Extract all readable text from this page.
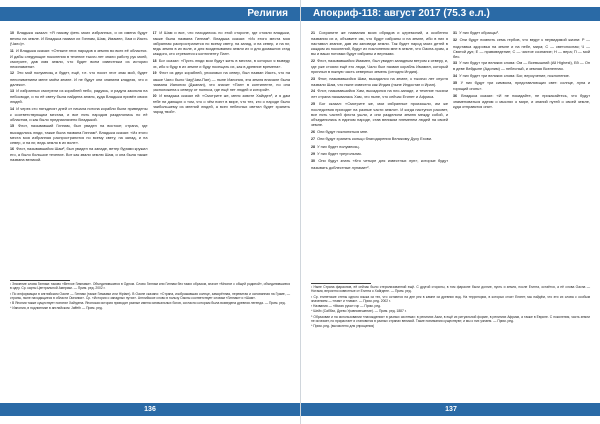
Религия

10 Владыка сказал: «Я назову феть моих избранных, и их имена будут вечны на земле. И Владыка назвал их Гиппам, Шам, Имамел, Хам и Иасть (Чало)».

11 И Владыка сказал: «Отныне этих народов я землю во всех её областях. И дабы следующие поколения в течение тысяч лет знали работу рук моей, смотрите, дав имя земли, что будет всем известным из истории пеоинамена».

12 Это мой полумесяц и будет, ещё, т.е. что носят этот знак мой, будет непонимением мене моём земле. И не будут они знанием кладезя, что и далеко».

13 И избранных смотрели из кораблей небо, радуясь, и радуга засияла на небосводе, и по её свету была найдена земля, куда Владыка привёл своих людей.

14 И через сто пятьдесят дней от начала потопа корабли были приведены к соответствующим местам, и все пять народов разделились по её областям, и как было предназначено Владыкой.

15 Флот, называвший Гиппам, был увиден на востоке; страна, где высадились люди, также была названа Гиппам¹. Владыка сказал: «Из этого места моя избранная распространится по всему свету, на запад, и на север, и на юг, ведь земля в их воле».

16 Флот, называвшийся Шам², был увиден на западе, ветер бурями кружил его, а было большое течение. Вот как звали землю Шам, и она была также названа великой.

17 И Шам и все, что находилось по этой стороне, где стояли владыки, также была названа Гиппам¹. Владыка сказал: «Из этого места моя избранная распространится по всему свету, на запад, и на север, и на юг, ведь земля в их воле, и для возделывания земли их и для домашних стад каждого, кто стремится к континенту Пан».

18 Бог сказал: «Пусть люди мои будут жить в местах, в которых я выведу их, ибо я буду в их земле и буду посещать их, как в древние времена».

19 Флот из двух кораблей, уносимых на север, был назван Иасть, что на языке Чало было Чау(Чам-Пан) — ныне Иапония, эта земля вначале была названа Иапония (Джапан), что значит «Пан» в континенте, но она расположена к северу от полюса, где ещё нет людей и которой».

20 И владыка сказал ей: «Смотрите же, меня зовите Хайгден³, и я дам тебе ни дающих о том, что о чём поют в мире, что тех, кто о народе было наибольшему из мнений людей, а всех небесных светил будет хранить народ твой».

¹ Значение слова Гиппам: таково «Ветхое Гимнами». Объединившиеся в Одном. Слово Гиппам или Гиппам без таких образом, значит «Многие с общей родиной», объединившиеся в одну. Ср. карты Центральной Америки. — Прим. ред. 2002 г.

² По информации в английском Оаспе — Гиппам (также Гимаами или Hiptam). В Оаспе сказано: «Страна, изображавшая солнце, заморённая, перевитая и основанная на Гуаме, — страны, ныне находящиеся в области Океании». Ср. «История о западных путях». Английское слово в пользу Оаспы соответствует словам «Гиппам» и «Шам».

³ В Японии также существует понятие Хайгдена. Японская история приводит разные имена изначальных богов, согласно которым была возведена древняя легенда. — Прим. ред.

⁴ Иапония, в подлиннике в английском: Jaffeth — Прим. ред.

136
Апокриф-118: август 2017 (75.3 е.л.)

21 Сохраните же названия моих обрядов и церемоний, а особенно названия их и, объявите им, что будут избраны и на земле, ибо в них я наставил знание, дав им заповеди земли. Так будет народ моих детей в каждом из поколений, будут их поклонения мне в земле, что Оаспа-храм, а вы и ваши потомки будут избраны и верными.

22 Флот, называвшийся Имамел, был увиден западным ветром к северу, и, где уже стояли ещё его люди, Чало был назван корабль Имамел, который приплыл в южную часть северных земель (сегодня Индия).

23 Флот, называвшийся Шам, высадился на земле, к тысячи лет спустя назвали Шам, что ныне известно как Индия (ныне Индостан и Иран).

24 Флот, называвшийся Хам, высадился на юго-западе, и течение тысячи лет страна называлась Хам, что ныне, что сейчас Египет и Африка.

25 Бог сказал: «Смотрите же, мои избранные произошли, им же последствия приходят на разные части земли». И когда наступил рассвет, все пять частей флота ушли, и они разделили землю между собой, и объединились в едином народе, став великим племенем людей на своей земле.

26 Они будут поклоняться мне.

27 Они будут хранить кольцо благодарения Великому Духу Ехови.

28 У них будет полумесяц.

29 У них будет треугольник.

30 Они будут знать «Кто четыре для известных лун», которые будут называть доблестные лунами»².

31 У них будет образцы³.

32 Они будут помнить семь гербов, что ведут к неувидимой жизни: Р — подставка здоровья на земле и на небе, мира; С — светоносная; Ч — Святой дух; Е — правоведение; С — чистое сознание; Н — вера; П — мой бес.

33 У них будут три великих слова: Ом — Всевышний (All Highest), Ей — Он в деве Вейдыне (Адоним) — небесный, и земная Вселенная.

34 У них будет три великих слова: Бог, вероучение, поклонение.

35 У них будут три символа, представляющих свет: солнце, луна и горящий огонь».

36 Владыка сказал: «И не покидайте, не прикасайтесь, что будут знаменоваться идеям о мыслях о мире, и знаний путей о своей земле, куда отправятся они».

¹ Ныне Страна фараонов, её сейчас было стерилизованной ещё. С другой стороны, в том фараоне были долгие, пусть и земля, после Египта, остаётся, а её слова Оаспа — Нотами, вероятно известные от Египта о Хайгдене. — Прим. ред.

² Ср. египетские стены одного языка из тех, что остаются на дне рек в камне из древних вод. На территории, в которых стоит Египет, мы найдём, что эти их слова с особым значением — «нам» и «нами». — Прим. ред. 2002 г.

³ Названия — «Ммою рука» гор — Прим. ред.

⁴ Шейх (Саббах, Древо Уравновешение). — Прим. ред. 1887 г.

⁵ Образован и на использовании «нахождения» в разных системах: в религиях Азии, в ещё их ритуальной форме, в религиях Африки, а также в Европе. С поколения, часть земли не исчезает, но прирастает и становится в разных странах великой. Такие понимания существуют, и мы о них узнаем. — Прим. ред.

⁶ Прим. ред. (вычислено для упрощения)

137
